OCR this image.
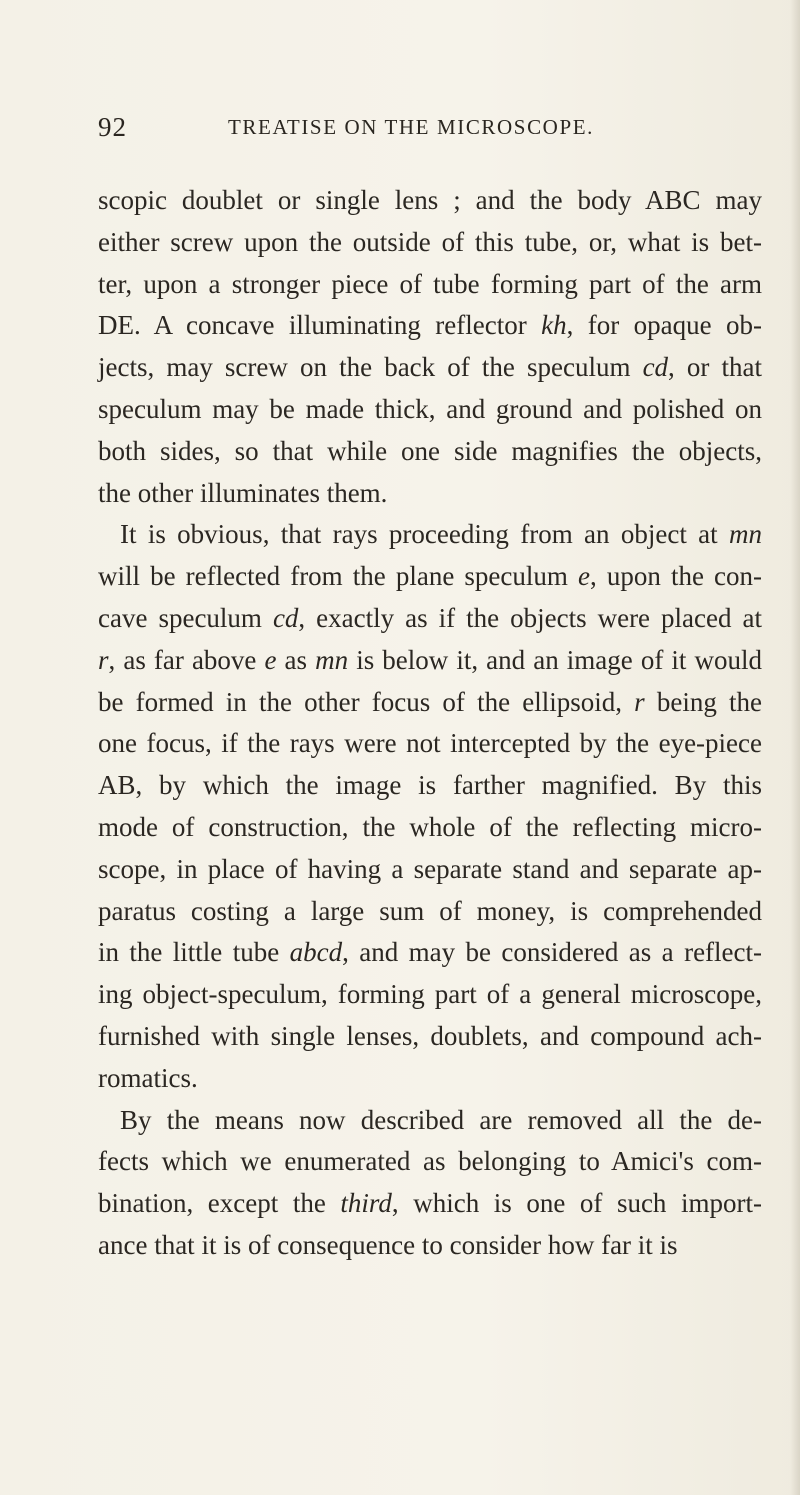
92	TREATISE ON THE MICROSCOPE.
scopic doublet or single lens ; and the body ABC may
either screw upon the outside of this tube, or, what is bet-
ter, upon a stronger piece of tube forming part of the arm
DE. A concave illuminating reflector kh, for opaque ob-
jects, may screw on the back of the speculum cd, or that
speculum may be made thick, and ground and polished on
both sides, so that while one side magnifies the objects,
the other illuminates them.
It is obvious, that rays proceeding from an object at mn
will be reflected from the plane speculum e, upon the con-
cave speculum cd, exactly as if the objects were placed at
r, as far above e as mn is below it, and an image of it would
be formed in the other focus of the ellipsoid, r being the
one focus, if the rays were not intercepted by the eye-piece
AB, by which the image is farther magnified. By this
mode of construction, the whole of the reflecting micro-
scope, in place of having a separate stand and separate ap-
paratus costing a large sum of money, is comprehended
in the little tube abcd, and may be considered as a reflect-
ing object-speculum, forming part of a general microscope,
furnished with single lenses, doublets, and compound ach-
romatics.
By the means now described are removed all the de-
fects which we enumerated as belonging to Amici's com-
bination, except the third, which is one of such import-
ance that it is of consequence to consider how far it is
